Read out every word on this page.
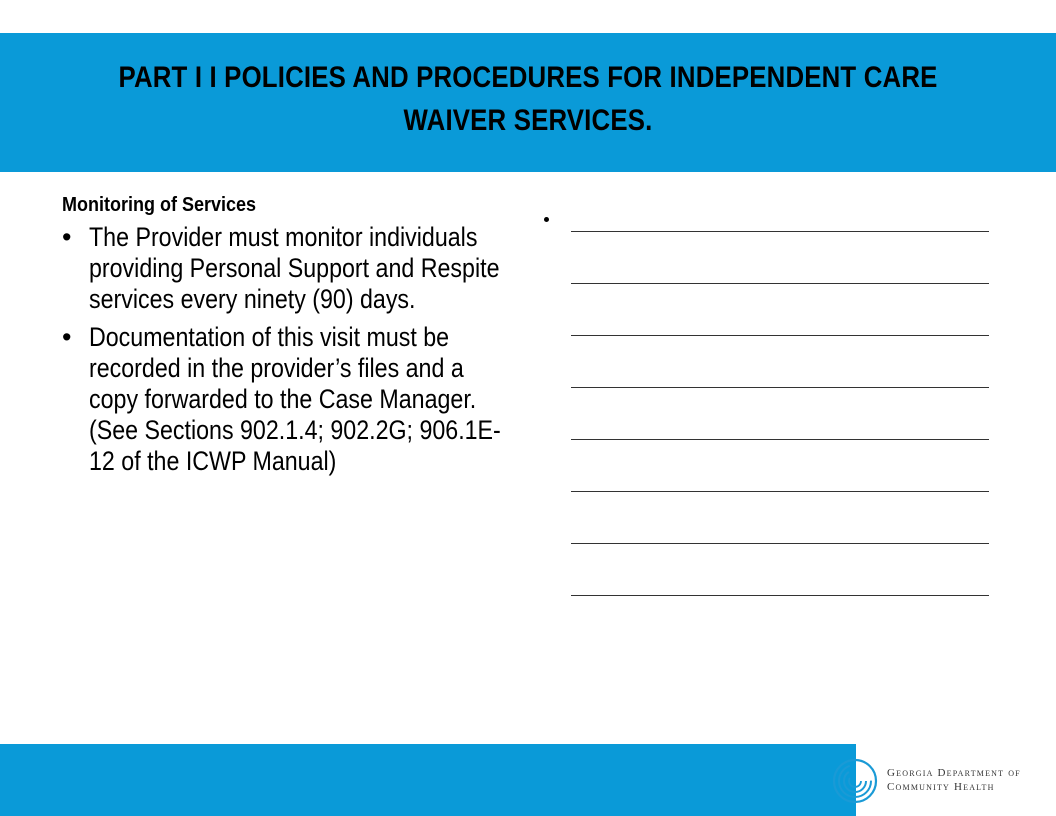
PART I I POLICIES AND PROCEDURES FOR INDEPENDENT CARE WAIVER SERVICES.
Monitoring of Services
• The Provider must monitor individuals providing Personal Support and Respite services every ninety (90) days.
• Documentation of this visit must be recorded in the provider’s files and a copy forwarded to the Case Manager. (See Sections 902.1.4; 902.2G; 906.1E-12 of the ICWP Manual)
Georgia Department of
Community Health
